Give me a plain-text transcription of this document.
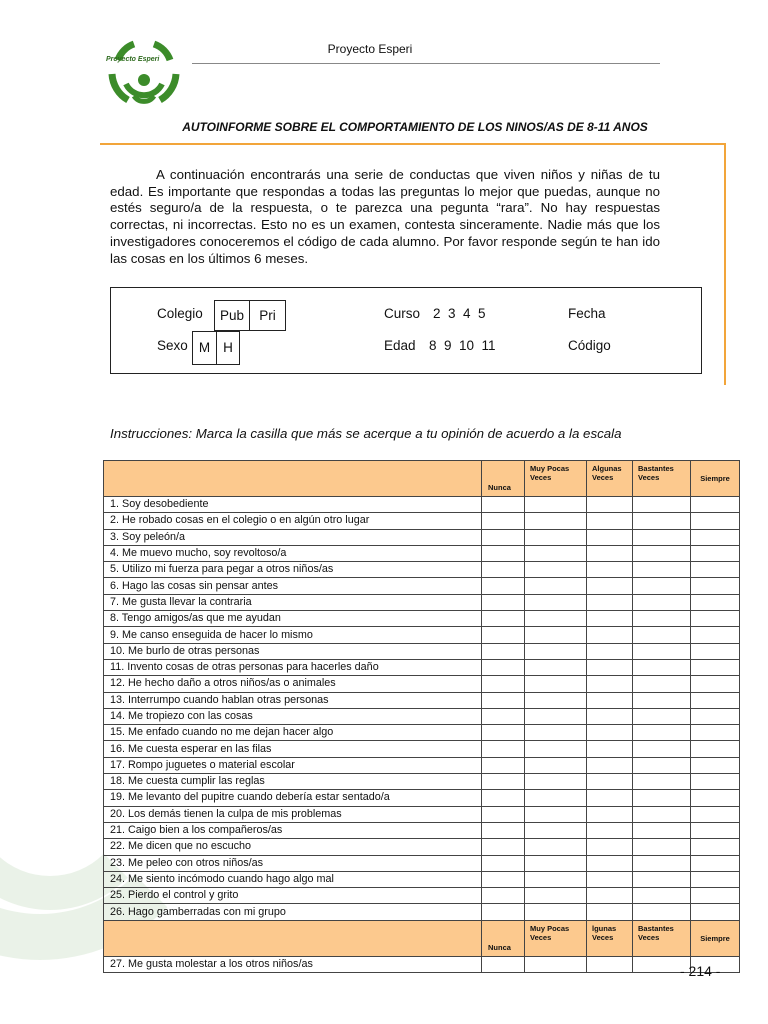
Proyecto Esperi
Proyecto Esperi
AUTOINFORME SOBRE EL COMPORTAMIENTO DE LOS NINOS/AS DE 8-11 ANOS
A continuación encontrarás una serie de conductas que viven niños y niñas de tu edad. Es importante que respondas a todas las preguntas lo mejor que puedas, aunque no estés seguro/a de la respuesta, o te parezca una pegunta “rara”. No hay respuestas correctas, ni incorrectas. Esto no es un examen, contesta sinceramente. Nadie más que los investigadores conoceremos el código de cada alumno. Por favor responde según te han ido las cosas en los últimos 6 meses.
Colegio	Pub	Pri
Sexo M H
Curso 2  3  4  5
Edad 8  9  10  11
Fecha
Código
Instrucciones: Marca la casilla que más se acerque a tu opinión de acuerdo a la escala
	Nunca	Muy Pocas Veces	Algunas Veces	Bastantes Veces	Siempre
1. Soy desobediente					
2. He robado cosas en el colegio o en algún otro lugar					
3. Soy peleón/a					
4. Me muevo mucho, soy revoltoso/a					
5. Utilizo mi fuerza para pegar a otros niños/as					
6. Hago las cosas sin pensar antes					
7. Me gusta llevar la contraria					
8. Tengo amigos/as que me ayudan					
9. Me canso enseguida de hacer lo mismo					
10. Me burlo de otras personas					
11. Invento cosas de otras personas para hacerles daño					
12. He hecho daño a otros niños/as o animales					
13. Interrumpo cuando hablan otras personas					
14. Me tropiezo con las cosas					
15. Me enfado cuando no me dejan hacer algo					
16. Me cuesta esperar en las filas					
17. Rompo juguetes o material escolar					
18. Me cuesta cumplir las reglas					
19. Me levanto del pupitre cuando debería estar sentado/a					
20. Los demás tienen la culpa de mis problemas					
21. Caigo bien a los compañeros/as					
22. Me dicen que no escucho					
23. Me peleo con otros niños/as					
24. Me siento incómodo cuando hago algo mal					
25. Pierdo el control y grito					
26. Hago gamberradas con mi grupo					
	Nunca	Muy Pocas Veces	lgunas Veces	Bastantes Veces	Siempre
27. Me gusta molestar a los otros niños/as						- 214 -
